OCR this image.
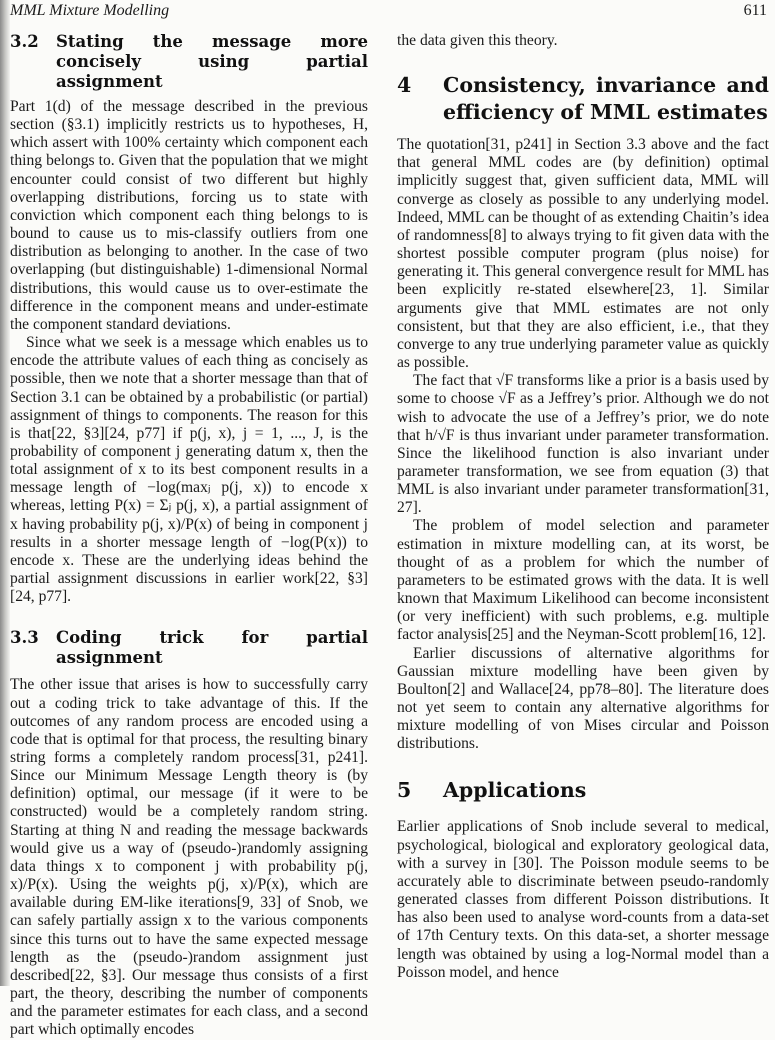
MML Mixture Modelling	611
3.2	Stating the message more concisely using partial assignment

Part 1(d) of the message described in the previous section (§3.1) implicitly restricts us to hypotheses, H, which assert with 100% certainty which component each thing belongs to. Given that the population that we might encounter could consist of two different but highly overlapping distributions, forcing us to state with conviction which component each thing belongs to is bound to cause us to mis-classify outliers from one distribution as belonging to another. In the case of two overlapping (but distinguishable) 1-dimensional Normal distributions, this would cause us to over-estimate the difference in the component means and under-estimate the component standard deviations.

Since what we seek is a message which enables us to encode the attribute values of each thing as concisely as possible, then we note that a shorter message than that of Section 3.1 can be obtained by a probabilistic (or partial) assignment of things to components. The reason for this is that[22, §3][24, p77] if p(j, x), j = 1, ..., J, is the probability of component j generating datum x, then the total assignment of x to its best component results in a message length of −log(maxⱼ p(j, x)) to encode x whereas, letting P(x) = Σⱼ p(j, x), a partial assignment of x having probability p(j, x)/P(x) of being in component j results in a shorter message length of −log(P(x)) to encode x. These are the underlying ideas behind the partial assignment discussions in earlier work[22, §3][24, p77].

3.3	Coding trick for partial assignment

The other issue that arises is how to successfully carry out a coding trick to take advantage of this. If the outcomes of any random process are encoded using a code that is optimal for that process, the resulting binary string forms a completely random process[31, p241]. Since our Minimum Message Length theory is (by definition) optimal, our message (if it were to be constructed) would be a completely random string. Starting at thing N and reading the message backwards would give us a way of (pseudo-)randomly assigning data things x to component j with probability p(j, x)/P(x). Using the weights p(j, x)/P(x), which are available during EM-like iterations[9, 33] of Snob, we can safely partially assign x to the various components since this turns out to have the same expected message length as the (pseudo-)random assignment just described[22, §3]. Our message thus consists of a first part, the theory, describing the number of components and the parameter estimates for each class, and a second part which optimally encodes

the data given this theory.

4	Consistency, invariance and efficiency of MML estimates

The quotation[31, p241] in Section 3.3 above and the fact that general MML codes are (by definition) optimal implicitly suggest that, given sufficient data, MML will converge as closely as possible to any underlying model. Indeed, MML can be thought of as extending Chaitin’s idea of randomness[8] to always trying to fit given data with the shortest possible computer program (plus noise) for generating it. This general convergence result for MML has been explicitly re-stated elsewhere[23, 1]. Similar arguments give that MML estimates are not only consistent, but that they are also efficient, i.e., that they converge to any true underlying parameter value as quickly as possible.

The fact that √F transforms like a prior is a basis used by some to choose √F as a Jeffrey’s prior. Although we do not wish to advocate the use of a Jeffrey’s prior, we do note that h/√F is thus invariant under parameter transformation. Since the likelihood function is also invariant under parameter transformation, we see from equation (3) that MML is also invariant under parameter transformation[31, 27].

The problem of model selection and parameter estimation in mixture modelling can, at its worst, be thought of as a problem for which the number of parameters to be estimated grows with the data. It is well known that Maximum Likelihood can become inconsistent (or very inefficient) with such problems, e.g. multiple factor analysis[25] and the Neyman-Scott problem[16, 12].

Earlier discussions of alternative algorithms for Gaussian mixture modelling have been given by Boulton[2] and Wallace[24, pp78–80]. The literature does not yet seem to contain any alternative algorithms for mixture modelling of von Mises circular and Poisson distributions.

5	Applications

Earlier applications of Snob include several to medical, psychological, biological and exploratory geological data, with a survey in [30]. The Poisson module seems to be accurately able to discriminate between pseudo-randomly generated classes from different Poisson distributions. It has also been used to analyse word-counts from a data-set of 17th Century texts. On this data-set, a shorter message length was obtained by using a log-Normal model than a Poisson model, and hence
